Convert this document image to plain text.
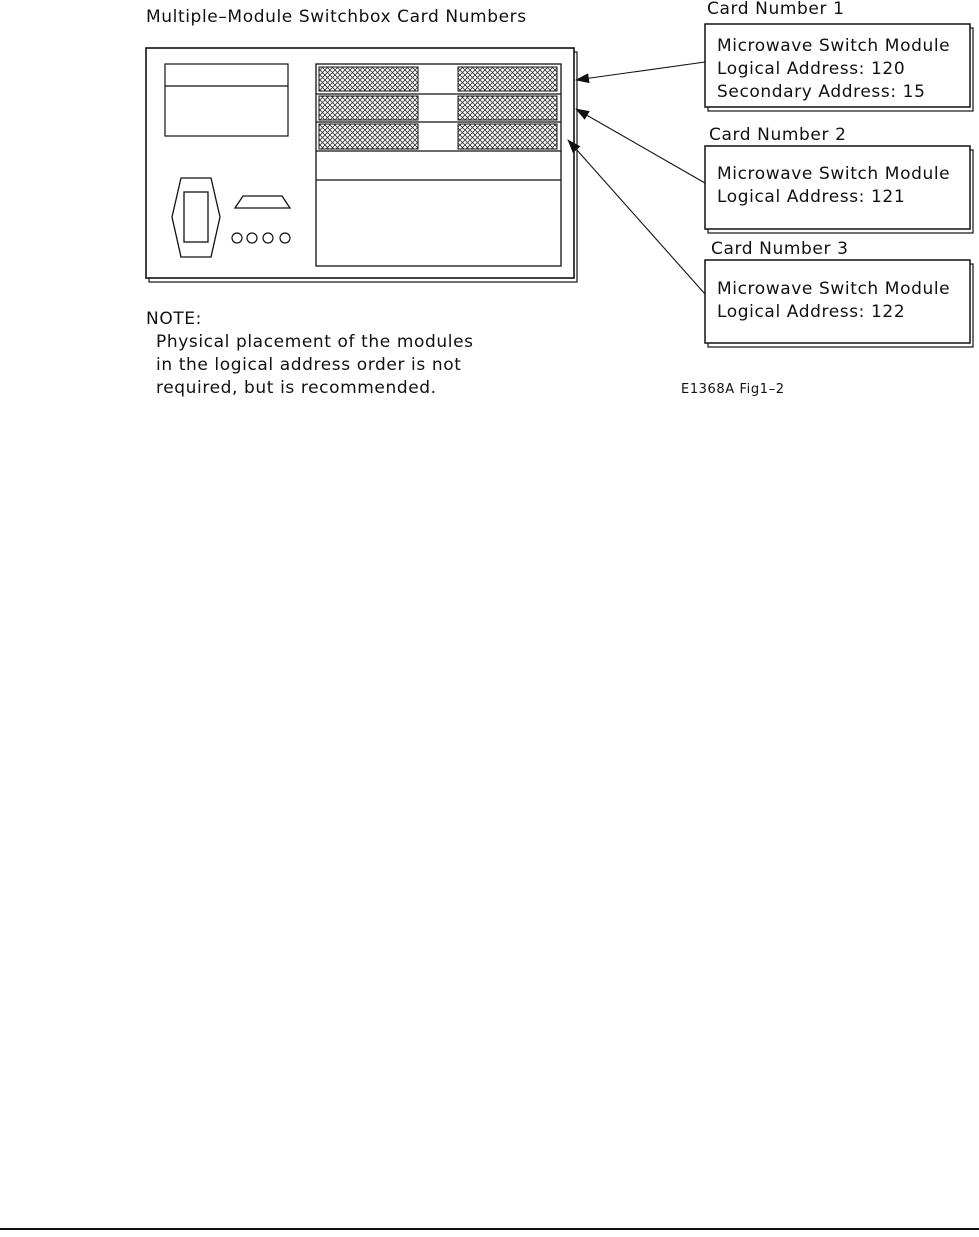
Multiple–Module Switchbox Card Numbers	Card Number 1
Microwave Switch Module
Logical Address: 120
Secondary Address: 15
Card Number 2
Microwave Switch Module
Logical Address: 121
Card Number 3
Microwave Switch Module
Logical Address: 122
NOTE:
Physical placement of the modules
in the logical address order is not
required, but is recommended.	E1368A Fig1–2
